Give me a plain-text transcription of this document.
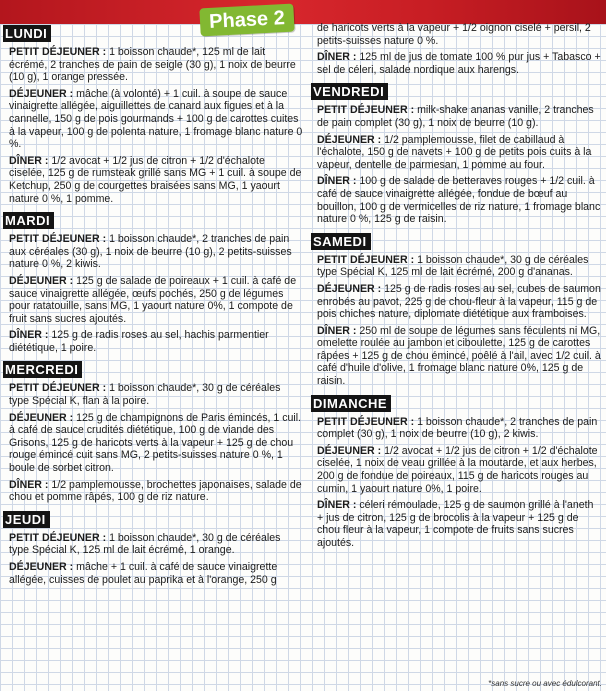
Phase 2
LUNDI
PETIT DÉJEUNER : 1 boisson chaude*, 125 ml de lait écrémé, 2 tranches de pain de seigle (30 g), 1 noix de beurre (10 g), 1 orange pressée.
DÉJEUNER : mâche (à volonté) + 1 cuil. à soupe de sauce vinaigrette allégée, aiguillettes de canard aux figues et à la cannelle, 150 g de pois gourmands + 100 g de carottes cuites à la vapeur, 100 g de polenta nature, 1 fromage blanc nature 0 %.
DÎNER : 1/2 avocat + 1/2 jus de citron + 1/2 d'échalote ciselée, 125 g de rumsteak grillé sans MG + 1 cuil. à soupe de Ketchup, 250 g de courgettes braisées sans MG, 1 yaourt nature 0 %, 1 pomme.
MARDI
PETIT DÉJEUNER : 1 boisson chaude*, 2 tranches de pain aux céréales (30 g), 1 noix de beurre (10 g), 2 petits-suisses nature 0 %, 2 kiwis.
DÉJEUNER : 125 g de salade de poireaux + 1 cuil. à café de sauce vinaigrette allégée, œufs pochés, 250 g de légumes pour ratatouille, sans MG, 1 yaourt nature 0%, 1 compote de fruit sans sucres ajoutés.
DÎNER : 125 g de radis roses au sel, hachis parmentier diététique, 1 poire.
MERCREDI
PETIT DÉJEUNER : 1 boisson chaude*, 30 g de céréales type Spécial K, flan à la poire.
DÉJEUNER : 125 g de champignons de Paris émincés, 1 cuil. à café de sauce crudités diététique, 100 g de viande des Grisons, 125 g de haricots verts à la vapeur + 125 g de chou rouge émincé cuit sans MG, 2 petits-suisses nature 0 %, 1 boule de sorbet citron.
DÎNER : 1/2 pamplemousse, brochettes japonaises, salade de chou et pomme râpés, 100 g de riz nature.
JEUDI
PETIT DÉJEUNER : 1 boisson chaude*, 30 g de céréales type Spécial K, 125 ml de lait écrémé, 1 orange.
DÉJEUNER : mâche + 1 cuil. à café de sauce vinaigrette allégée, cuisses de poulet au paprika et à l'orange, 250 g
de haricots verts à la vapeur + 1/2 oignon ciselé + persil, 2 petits-suisses nature 0 %.
DÎNER : 125 ml de jus de tomate 100 % pur jus + Tabasco + sel de céleri, salade nordique aux harengs.
VENDREDI
PETIT DÉJEUNER : milk-shake ananas vanille, 2 tranches de pain complet (30 g), 1 noix de beurre (10 g).
DÉJEUNER : 1/2 pamplemousse, filet de cabillaud à l'échalote, 150 g de navets + 100 g de petits pois cuits à la vapeur, dentelle de parmesan, 1 pomme au four.
DÎNER : 100 g de salade de betteraves rouges + 1/2 cuil. à café de sauce vinaigrette allégée, fondue de bœuf au bouillon, 100 g de vermicelles de riz nature, 1 fromage blanc nature 0 %, 125 g de raisin.
SAMEDI
PETIT DÉJEUNER : 1 boisson chaude*, 30 g de céréales type Spécial K, 125 ml de lait écrémé, 200 g d'ananas.
DÉJEUNER : 125 g de radis roses au sel, cubes de saumon enrobés au pavot, 225 g de chou-fleur à la vapeur, 115 g de pois chiches nature, diplomate diététique aux framboises.
DÎNER : 250 ml de soupe de légumes sans féculents ni MG, omelette roulée au jambon et ciboulette, 125 g de carottes râpées + 125 g de chou émincé, poêlé à l'ail, avec 1/2 cuil. à café d'huile d'olive, 1 fromage blanc nature 0%, 125 g de raisin.
DIMANCHE
PETIT DÉJEUNER : 1 boisson chaude*, 2 tranches de pain complet (30 g), 1 noix de beurre (10 g), 2 kiwis.
DÉJEUNER : 1/2 avocat + 1/2 jus de citron + 1/2 d'échalote ciselée, 1 noix de veau grillée à la moutarde, et aux herbes, 200 g de fondue de poireaux, 115 g de haricots rouges au cumin, 1 yaourt nature 0%, 1 poire.
DÎNER : céleri rémoulade, 125 g de saumon grillé à l'aneth + jus de citron, 125 g de brocolis à la vapeur + 125 g de chou fleur à la vapeur, 1 compote de fruits sans sucres ajoutés.
*sans sucre ou avec édulcorant.
